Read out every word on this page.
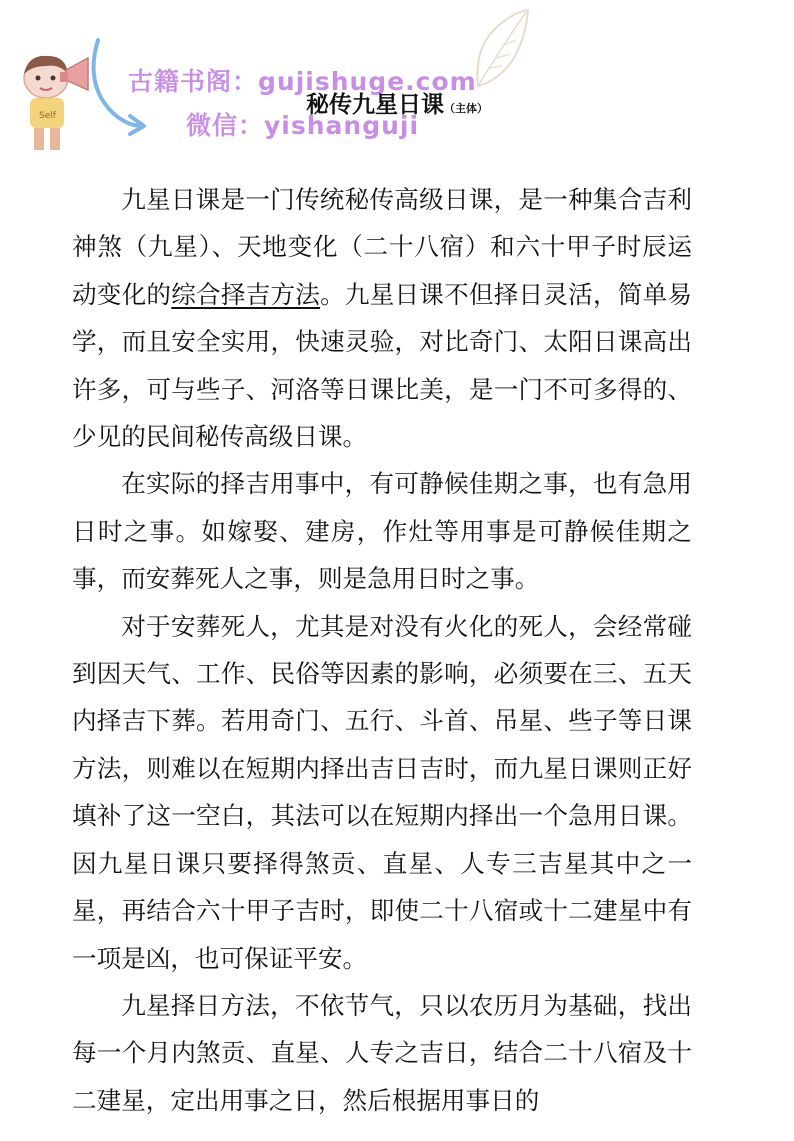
Self
古籍书阁：gujishuge.com
微信：yishanguji
秘传九星日课（主体）

九星日课是一门传统秘传高级日课，是一种集合吉利神煞（九星）、天地变化（二十八宿）和六十甲子时辰运动变化的综合择吉方法。九星日课不但择日灵活，简单易学，而且安全实用，快速灵验，对比奇门、太阳日课高出许多，可与些子、河洛等日课比美，是一门不可多得的、少见的民间秘传高级日课。

在实际的择吉用事中，有可静候佳期之事，也有急用日时之事。如嫁娶、建房，作灶等用事是可静候佳期之事，而安葬死人之事，则是急用日时之事。

对于安葬死人，尤其是对没有火化的死人，会经常碰到因天气、工作、民俗等因素的影响，必须要在三、五天内择吉下葬。若用奇门、五行、斗首、吊星、些子等日课方法，则难以在短期内择出吉日吉时，而九星日课则正好填补了这一空白，其法可以在短期内择出一个急用日课。因九星日课只要择得煞贡、直星、人专三吉星其中之一星，再结合六十甲子吉时，即使二十八宿或十二建星中有一项是凶，也可保证平安。

九星择日方法，不依节气，只以农历月为基础，找出每一个月内煞贡、直星、人专之吉日，结合二十八宿及十二建星，定出用事之日，然后根据用事日的
